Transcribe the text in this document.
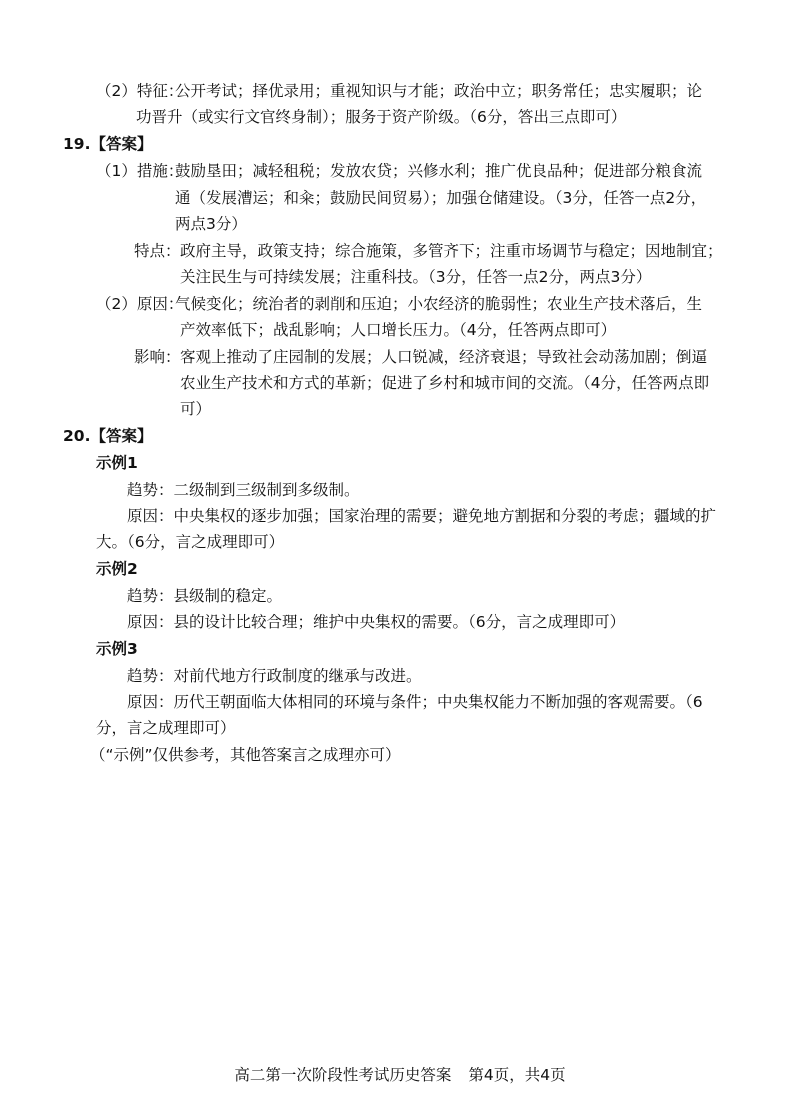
（2）特征：
公开考试；择优录用；重视知识与才能；政治中立；职务常任；忠实履职；论
功晋升（或实行文官终身制）；服务于资产阶级。（6分，答出三点即可）
19.【答案】
（1）措施：
鼓励垦田；减轻租税；发放农贷；兴修水利；推广优良品种；促进部分粮食流
通（发展漕运；和籴；鼓励民间贸易）；加强仓储建设。（3分，任答一点2分，
两点3分）
特点： 政府主导，政策支持；综合施策，多管齐下；注重市场调节与稳定；因地制宜；
关注民生与可持续发展；注重科技。（3分，任答一点2分，两点3分）
（2）原因：
气候变化；统治者的剥削和压迫；小农经济的脆弱性；农业生产技术落后，生
产效率低下；战乱影响；人口增长压力。（4分，任答两点即可）
影响： 客观上推动了庄园制的发展；人口锐减，经济衰退；导致社会动荡加剧；倒逼
农业生产技术和方式的革新；促进了乡村和城市间的交流。（4分，任答两点即
可）
20.【答案】
示例1
趋势：二级制到三级制到多级制。
原因：中央集权的逐步加强；国家治理的需要；避免地方割据和分裂的考虑；疆域的扩
大。（6分，言之成理即可）
示例2
趋势：县级制的稳定。
原因：县的设计比较合理；维护中央集权的需要。（6分，言之成理即可）
示例3
趋势：对前代地方行政制度的继承与改进。
原因：历代王朝面临大体相同的环境与条件；中央集权能力不断加强的客观需要。（6
分，言之成理即可）
（“示例”仅供参考，其他答案言之成理亦可）
高二第一次阶段性考试历史答案 第4页，共4页
